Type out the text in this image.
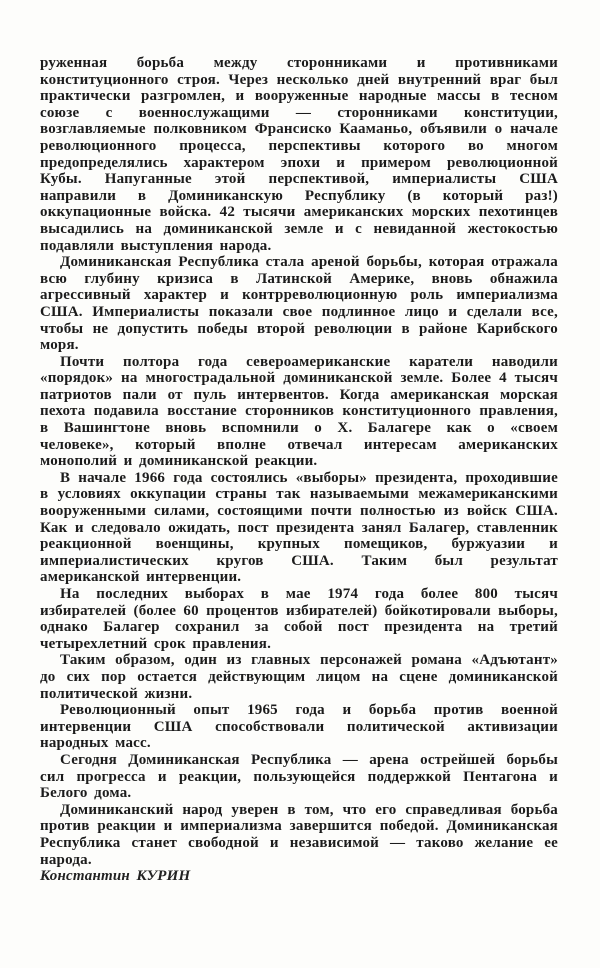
руженная борьба между сторонниками и противниками конституционного строя. Через несколько дней внутренний враг был практически разгромлен, и вооруженные народные массы в тесном союзе с военнослужащими — сторонниками конституции, возглавляемые полковником Франсиско Кааманьо, объявили о начале революционного процесса, перспективы которого во многом предопределялись характером эпохи и примером революционной Кубы. Напуганные этой перспективой, империалисты США направили в Доминиканскую Республику (в который раз!) оккупационные войска. 42 тысячи американских морских пехотинцев высадились на доминиканской земле и с невиданной жестокостью подавляли выступления народа.

Доминиканская Республика стала ареной борьбы, которая отражала всю глубину кризиса в Латинской Америке, вновь обнажила агрессивный характер и контрреволюционную роль империализма США. Империалисты показали свое подлинное лицо и сделали все, чтобы не допустить победы второй революции в районе Карибского моря.

Почти полтора года североамериканские каратели наводили «порядок» на многострадальной доминиканской земле. Более 4 тысяч патриотов пали от пуль интервентов. Когда американская морская пехота подавила восстание сторонников конституционного правления, в Вашингтоне вновь вспомнили о Х. Балагере как о «своем человеке», который вполне отвечал интересам американских монополий и доминиканской реакции.

В начале 1966 года состоялись «выборы» президента, проходившие в условиях оккупации страны так называемыми межамериканскими вооруженными силами, состоящими почти полностью из войск США. Как и следовало ожидать, пост президента занял Балагер, ставленник реакционной военщины, крупных помещиков, буржуазии и империалистических кругов США. Таким был результат американской интервенции.

На последних выборах в мае 1974 года более 800 тысяч избирателей (более 60 процентов избирателей) бойкотировали выборы, однако Балагер сохранил за собой пост президента на третий четырехлетний срок правления.

Таким образом, один из главных персонажей романа «Адъютант» до сих пор остается действующим лицом на сцене доминиканской политической жизни.

Революционный опыт 1965 года и борьба против военной интервенции США способствовали политической активизации народных масс.

Сегодня Доминиканская Республика — арена острейшей борьбы сил прогресса и реакции, пользующейся поддержкой Пентагона и Белого дома.

Доминиканский народ уверен в том, что его справедливая борьба против реакции и империализма завершится победой. Доминиканская Республика станет свободной и независимой — таково желание ее народа.

Константин КУРИН
